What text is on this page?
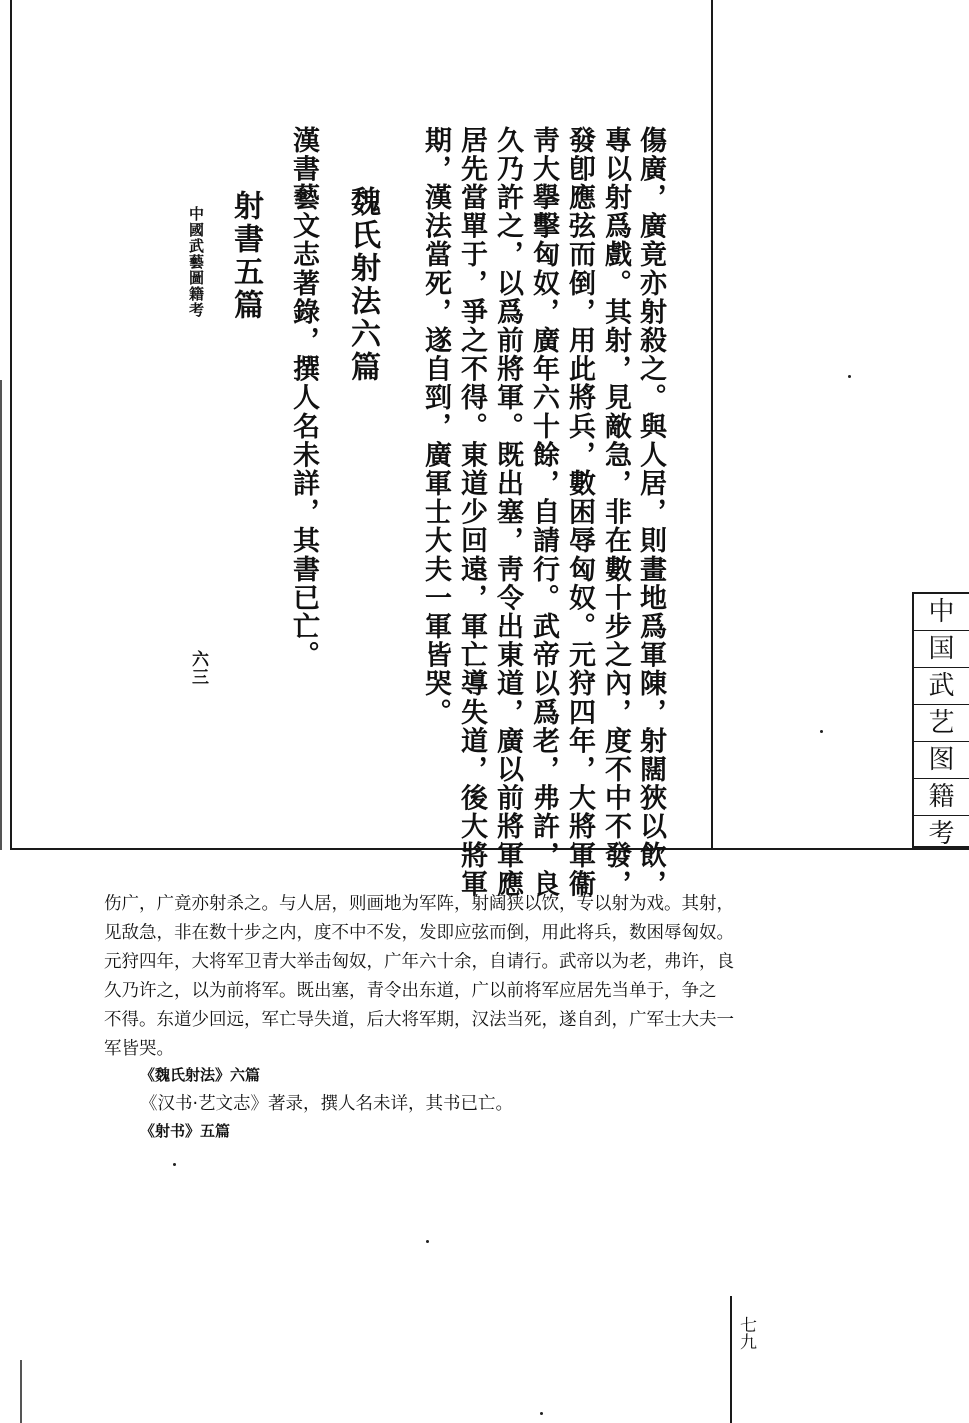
傷廣，廣竟亦射殺之。與人居，則畫地爲軍陳，射闊狹以飲，
專以射爲戲。其射，見敵急，非在數十步之內，度不中不發，
發卽應弦而倒，用此將兵，數困辱匈奴。元狩四年，大將軍衞
靑大擧擊匈奴，廣年六十餘，自請行。武帝以爲老，弗許，良
久乃許之，以爲前將軍。既出塞，靑令出東道，廣以前將軍應
居先當單于，爭之不得。東道少回遠，軍亡導失道，後大將軍
期，漢法當死，遂自剄，廣軍士大夫一軍皆哭。
魏氏射法六篇
漢書藝文志著錄，撰人名未詳，其書已亡。
射書五篇
中國武藝圖籍考
六三
中
国
武
艺
图
籍
考
伤广，广竟亦射杀之。与人居，则画地为军阵，射阔狭以饮，专以射为戏。其射，
见敌急，非在数十步之内，度不中不发，发即应弦而倒，用此将兵，数困辱匈奴。
元狩四年，大将军卫青大举击匈奴，广年六十余，自请行。武帝以为老，弗许，良
久乃许之，以为前将军。既出塞，青令出东道，广以前将军应居先当单于，争之
不得。东道少回远，军亡导失道，后大将军期，汉法当死，遂自刭，广军士大夫一
军皆哭。
《魏氏射法》六篇
《汉书·艺文志》著录，撰人名未详，其书已亡。
《射书》五篇
七九
